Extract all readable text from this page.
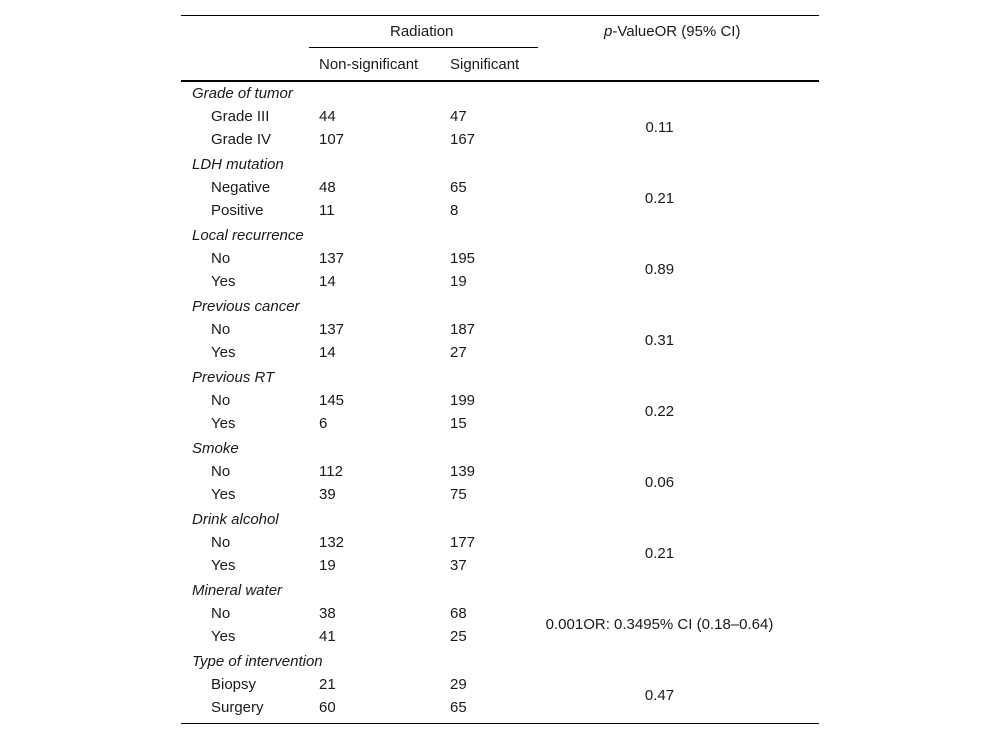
Radiation	p-ValueOR (95% CI)
Non-significant Significant
Grade of tumor
Grade III	44	47
Grade IV	107	167
0.11
LDH mutation
Negative	48	65
Positive	11	8
0.21
Local recurrence
No	137	195
Yes	14	19
0.89
Previous cancer
No	137	187
Yes	14	27
0.31
Previous RT
No	145	199
Yes	6	15
0.22
Smoke
No	112	139
Yes	39	75
0.06
Drink alcohol
No	132	177
Yes	19	37
0.21
Mineral water
No	38	68
Yes	41	25
0.001OR: 0.3495% CI (0.18–0.64)
Type of intervention
Biopsy	21	29
Surgery	60	65
0.47
